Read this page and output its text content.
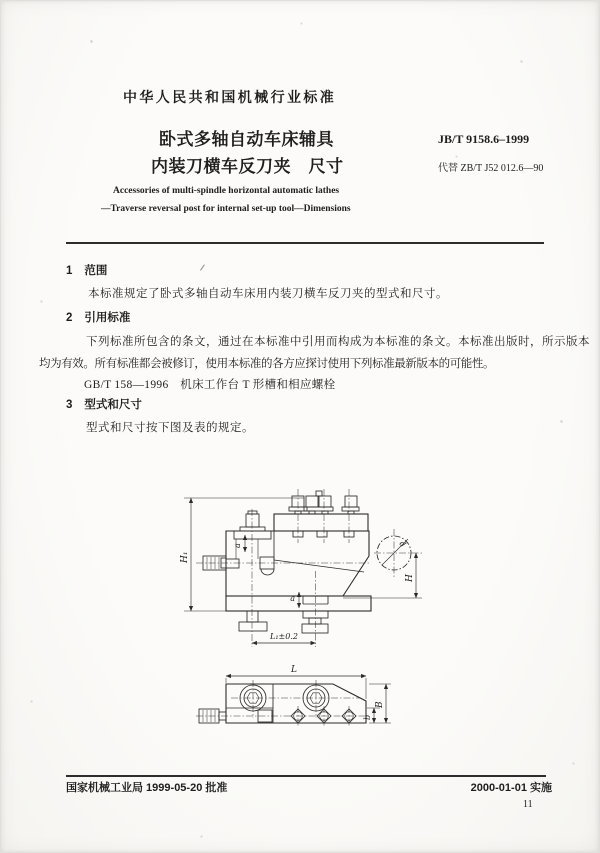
中华人民共和国机械行业标准
卧式多轴自动车床辅具
内装刀横车反刀夹　尺寸
JB/T 9158.6–1999
代替 ZB/T J52 012.6—90
Accessories of multi-spindle horizontal automatic lathes
—Traverse reversal post for internal set-up tool—Dimensions
1 范围
本标准规定了卧式多轴自动车床用内装刀横车反刀夹的型式和尺寸。
2 引用标准
下列标准所包含的条文，通过在本标准中引用而构成为本标准的条文。本标准出版时，所示版本
均为有效。所有标准都会被修订，使用本标准的各方应探讨使用下列标准最新版本的可能性。
GB/T 158—1996　机床工作台 T 形槽和相应螺栓
3 型式和尺寸
型式和尺寸按下图及表的规定。
H₁
H
L₁±0.2
a
a
d
L
B
b
国家机械工业局 1999-05-20 批准	2000-01-01 实施
11
